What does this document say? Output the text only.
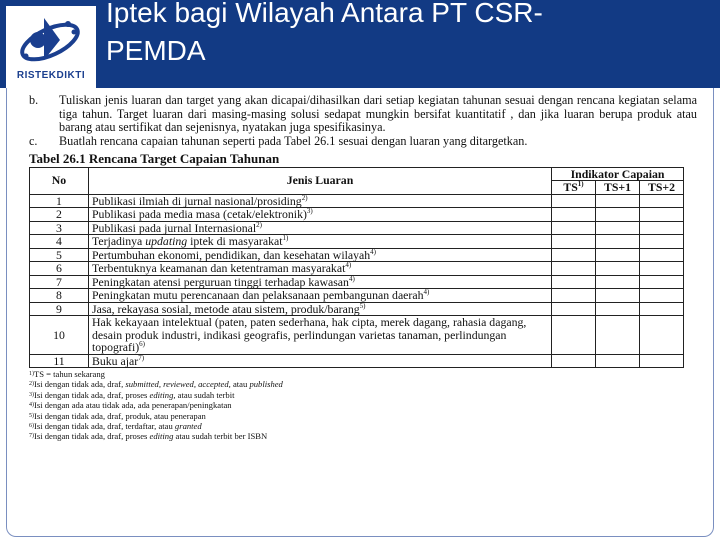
RISTEKDIKTI
Iptek bagi Wilayah Antara PT CSR-
PEMDA
b.	Tuliskan jenis luaran dan target yang akan dicapai/dihasilkan dari setiap kegiatan tahunan sesuai dengan rencana kegiatan selama tiga tahun. Target luaran dari masing-masing solusi sedapat mungkin bersifat kuantitatif , dan jika luaran berupa produk atau barang atau sertifikat dan sejenisnya, nyatakan juga spesifikasinya.
c.	Buatlah rencana capaian tahunan seperti pada Tabel 26.1 sesuai dengan luaran yang ditargetkan.
Tabel 26.1 Rencana Target Capaian Tahunan
No	Jenis Luaran	Indikator Capaian		
		TS$^{1)}$	TS+1	TS+2
1	Publikasi ilmiah di jurnal nasional/prosiding$^{2)}$			
2	Publikasi pada media masa (cetak/elektronik)$^{3)}$			
3	Publikasi pada jurnal Internasional$^{2)}$			
4	Terjadinya updating iptek di masyarakat$^{1)}$			
5	Pertumbuhan ekonomi, pendidikan, dan kesehatan wilayah$^{4)}$			
6	Terbentuknya keamanan dan ketentraman masyarakat$^{4)}$			
7	Peningkatan atensi perguruan tinggi terhadap kawasan$^{4)}$			
8	Peningkatan mutu perencanaan dan pelaksanaan pembangunan daerah$^{4)}$			
9	Jasa, rekayasa sosial, metode atau sistem, produk/barang$^{5)}$			
10	Hak kekayaan intelektual (paten, paten sederhana, hak cipta, merek dagang, rahasia dagang, desain produk industri, indikasi geografis, perlindungan varietas tanaman, perlindungan topografi)$^{6)}$			
11	Buku ajar$^{7)}$			
$^{1)}$TS = tahun sekarang
$^{2)}$Isi dengan tidak ada, draf, submitted, reviewed, accepted, atau published
$^{3)}$Isi dengan tidak ada, draf, proses editing, atau sudah terbit
$^{4)}$Isi dengan ada atau tidak ada, ada penerapan/peningkatan
$^{5)}$Isi dengan tidak ada, draf, produk, atau penerapan
$^{6)}$Isi dengan tidak ada, draf, terdaftar, atau granted
$^{7)}$Isi dengan tidak ada, draf, proses editing atau sudah terbit ber ISBN
